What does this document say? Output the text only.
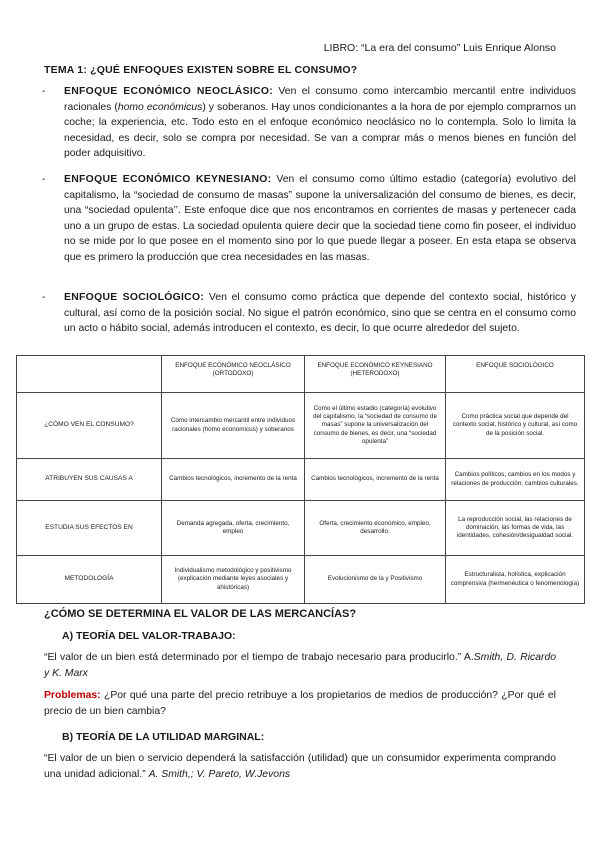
LIBRO: “La era del consumo” Luis Enrique Alonso
TEMA 1: ¿QUÉ ENFOQUES EXISTEN SOBRE EL CONSUMO?
- ENFOQUE ECONÓMICO NEOCLÁSICO: Ven el consumo como intercambio mercantil entre individuos racionales (homo económicus) y soberanos. Hay unos condicionantes a la hora de por ejemplo comprarnos un coche; la experiencia, etc. Todo esto en el enfoque económico neoclásico no lo contempla. Solo lo limita la necesidad, es decir, solo se compra por necesidad. Se van a comprar más o menos bienes en función del poder adquisitivo.
- ENFOQUE ECONÓMICO KEYNESIANO: Ven el consumo como último estadio (categoría) evolutivo del capitalismo, la “sociedad de consumo de masas” supone la universalización del consumo de bienes, es decir, una “sociedad opulenta’’. Este enfoque dice que nos encontramos en corrientes de masas y pertenecer cada uno a un grupo de estas. La sociedad opulenta quiere decir que la sociedad tiene como fin poseer, el individuo no se mide por lo que posee en el momento sino por lo que puede llegar a poseer. En esta etapa se observa que es primero la producción que crea necesidades en las masas.
- ENFOQUE SOCIOLÓGICO: Ven el consumo como práctica que depende del contexto social, histórico y cultural, así como de la posición social. No sigue el patrón económico, sino que se centra en el consumo como un acto o hábito social, además introducen el contexto, es decir, lo que ocurre alrededor del sujeto.
	ENFOQUE ECONÓMICO NEOCLÁSICO (ORTODOXO)	ENFOQUE ECONÓMICO KEYNESIANO (HETERODOXO)	ENFOQUE SOCIOLÓGICO
¿CÓMO VEN EL CONSUMO?	Como intercambio mercantil entre individuos racionales (homo economicus) y soberanos	Como el último estadio (categoría) evolutivo del capitalismo, la “sociedad de consumo de masas” supone la universalización del consumo de bienes, es decir, una “sociedad opulenta”	Como práctica social que depende del contexto social, histórico y cultural, así como de la posición social.
ATRIBUYEN SUS CAUSAS A	Cambios tecnológicos, incremento de la renta	Cambios tecnológicos, incremento de la renta	Cambios políticos, cambios en los modos y relaciones de producción; cambios culturales.
ESTUDIA SUS EFECTOS EN	Demanda agregada, oferta, crecimiento, empleo	Oferta, crecimiento económico, empleo, desarrollo.	La reproducción social, las relaciones de dominación, las formas de vida, las identidades, cohesión/desigualdad social.
METODOLOGÍA	Individualismo metodológico y positivismo (explicación mediante leyes asociales y ahistóricas)	Evolucionismo de la y Positivismo	Estructuralista, holística, explicación comprensiva (hermenéutica o fenomenología)
¿CÓMO SE DETERMINA EL VALOR DE LAS MERCANCÍAS?
A) TEORÍA DEL VALOR-TRABAJO:
“El valor de un bien está determinado por el tiempo de trabajo necesario para producirlo.” A.Smith, D. Ricardo y K. Marx
Problemas: ¿Por qué una parte del precio retribuye a los propietarios de medios de producción? ¿Por qué el precio de un bien cambia?
B) TEORÍA DE LA UTILIDAD MARGINAL:
“El valor de un bien o servicio dependerá la satisfacción (utilidad) que un consumidor experimenta comprando una unidad adicional.” A. Smith,; V. Pareto, W.Jevons
